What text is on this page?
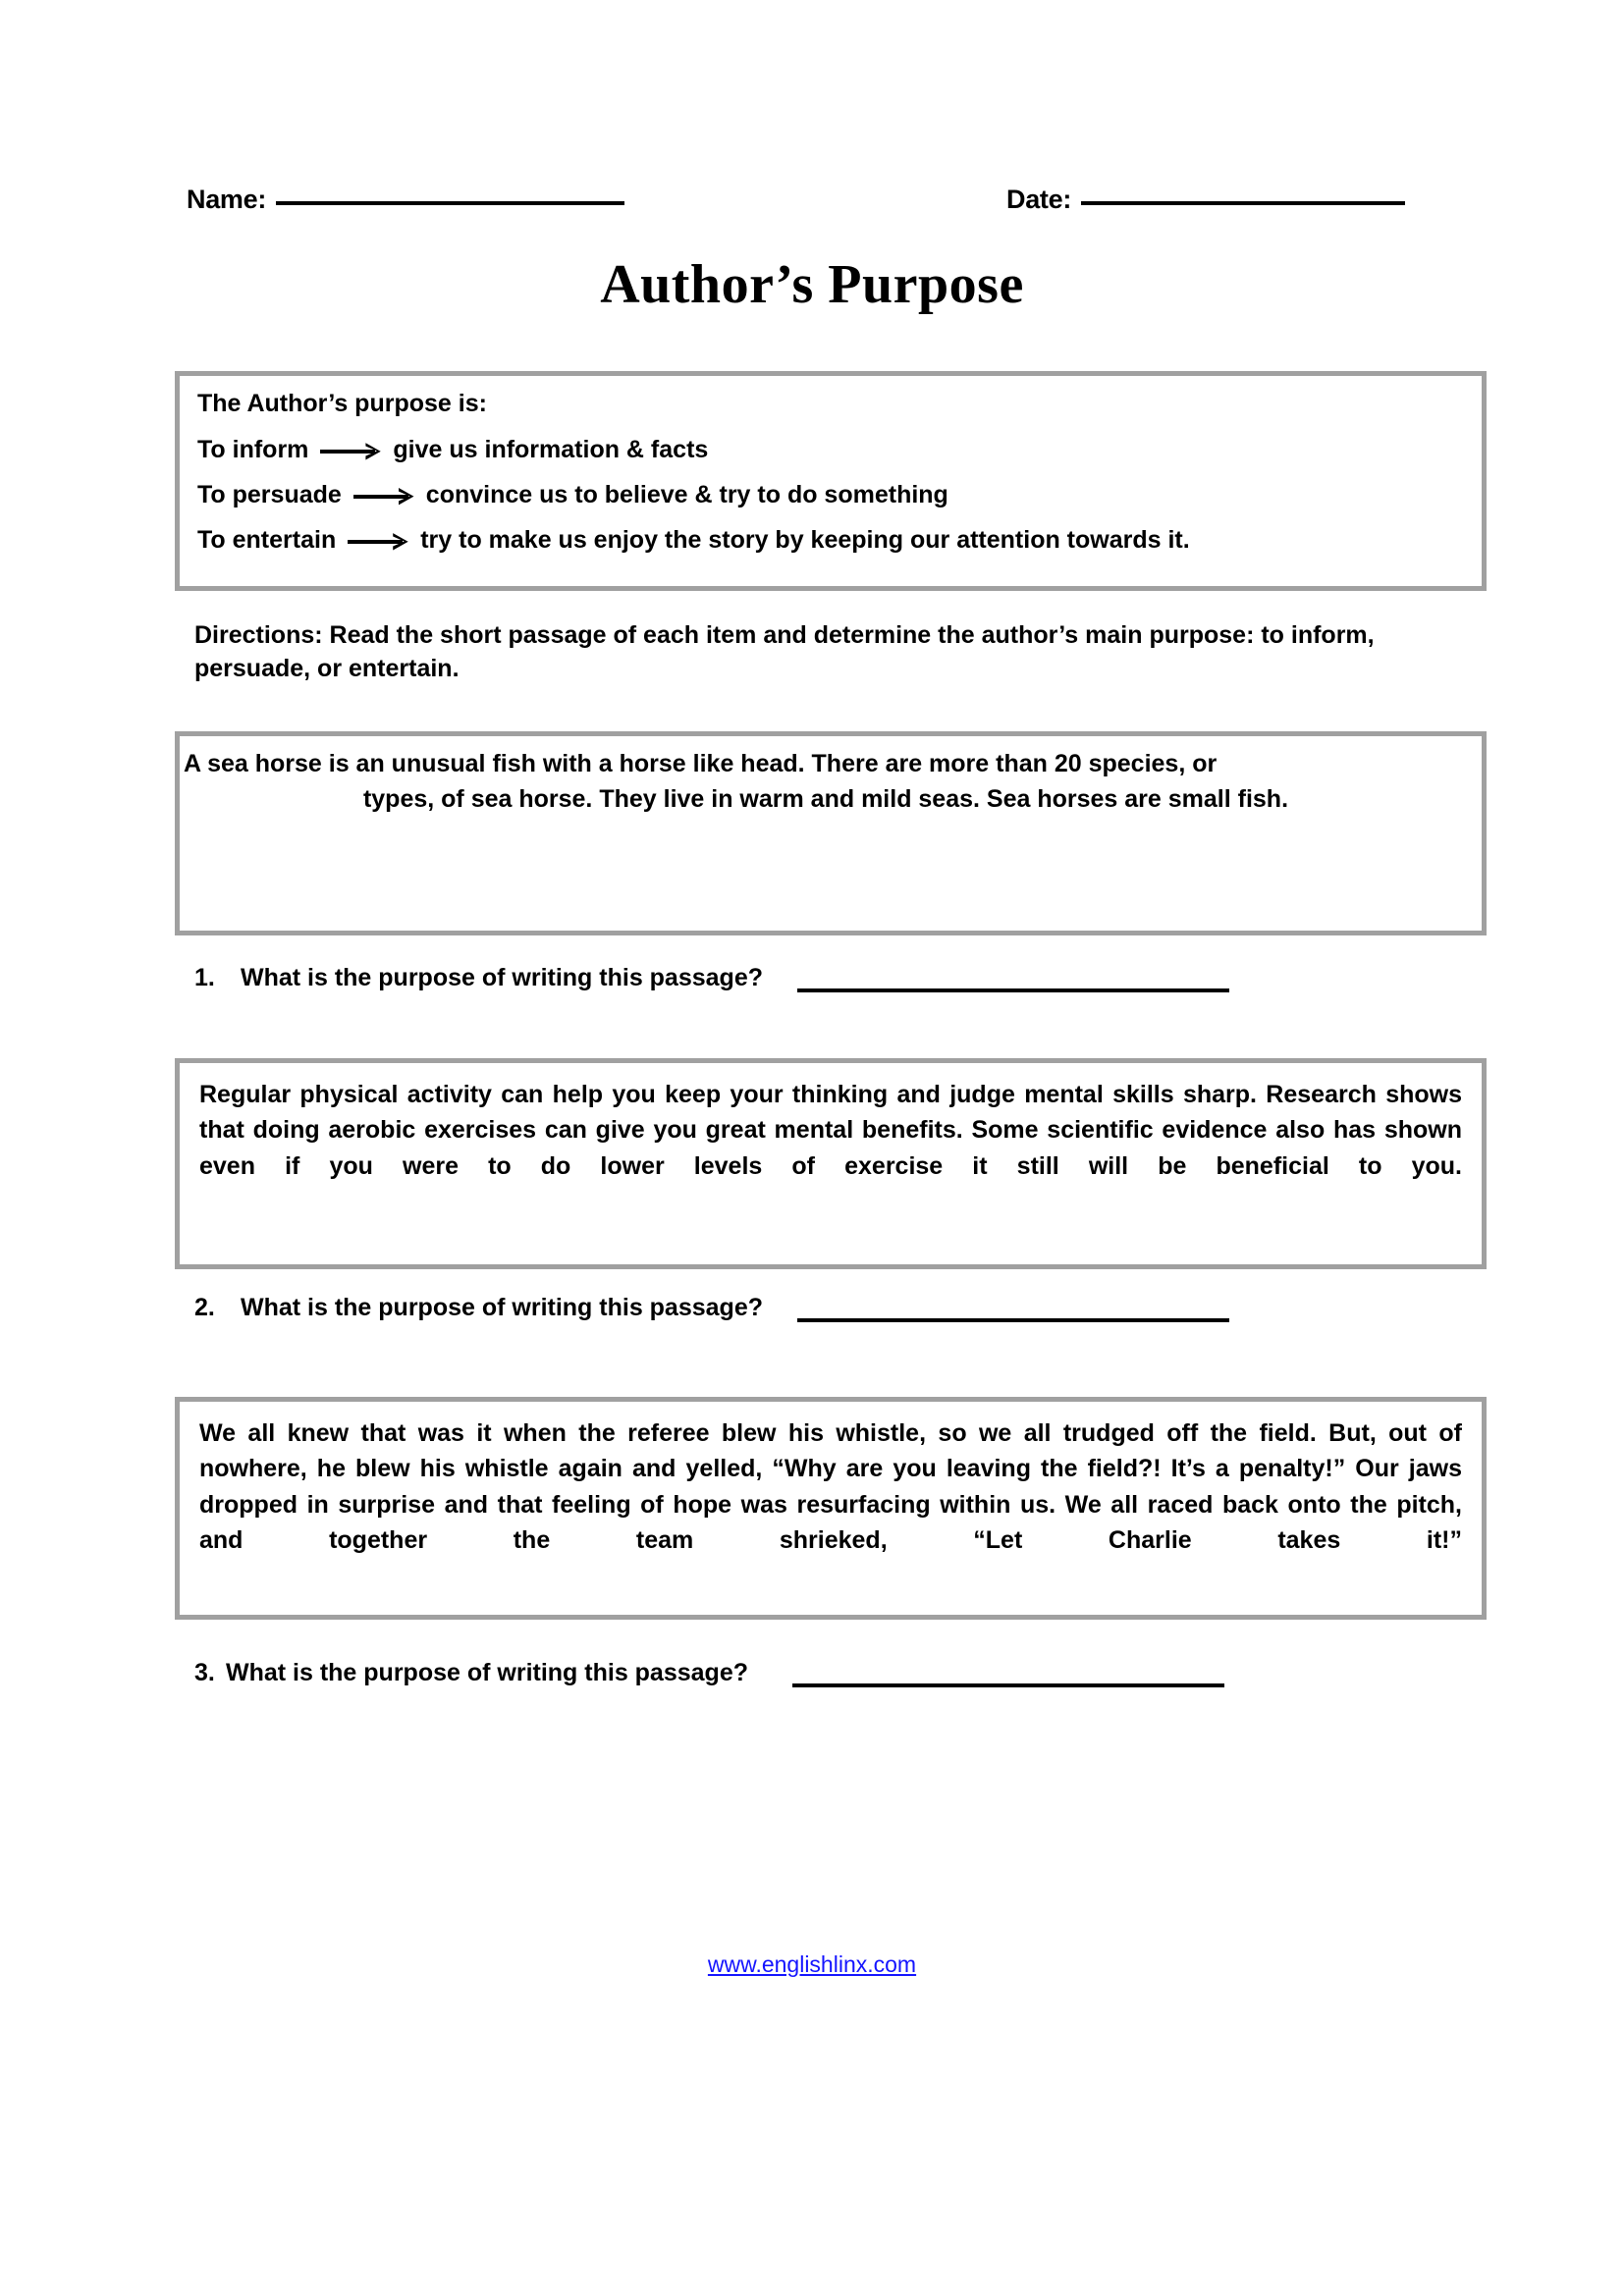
Name:	Date:
Author’s Purpose
The Author’s purpose is:
To inform	give us information & facts
To persuade	convince us to believe & try to do something
To entertain	try to make us enjoy the story by keeping our attention towards it.
Directions: Read the short passage of each item and determine the author’s main purpose: to inform, persuade, or entertain.
A sea horse is an unusual fish with a horse like head. There are more than 20 species, or
types, of sea horse. They live in warm and mild seas. Sea horses are small fish.
1.	What is the purpose of writing this passage?
Regular physical activity can help you keep your thinking and judge mental skills sharp. Research shows that doing aerobic exercises can give you great mental benefits. Some scientific evidence also has shown even if you were to do lower levels of exercise it still will be beneficial to you.
2.	What is the purpose of writing this passage?
We all knew that was it when the referee blew his whistle, so we all trudged off the field. But, out of nowhere, he blew his whistle again and yelled, “Why are you leaving the field?! It’s a penalty!” Our jaws dropped in surprise and that feeling of hope was resurfacing within us. We all raced back onto the pitch, and together the team shrieked, “Let Charlie takes it!”
3. What is the purpose of writing this passage?
www.englishlinx.com
